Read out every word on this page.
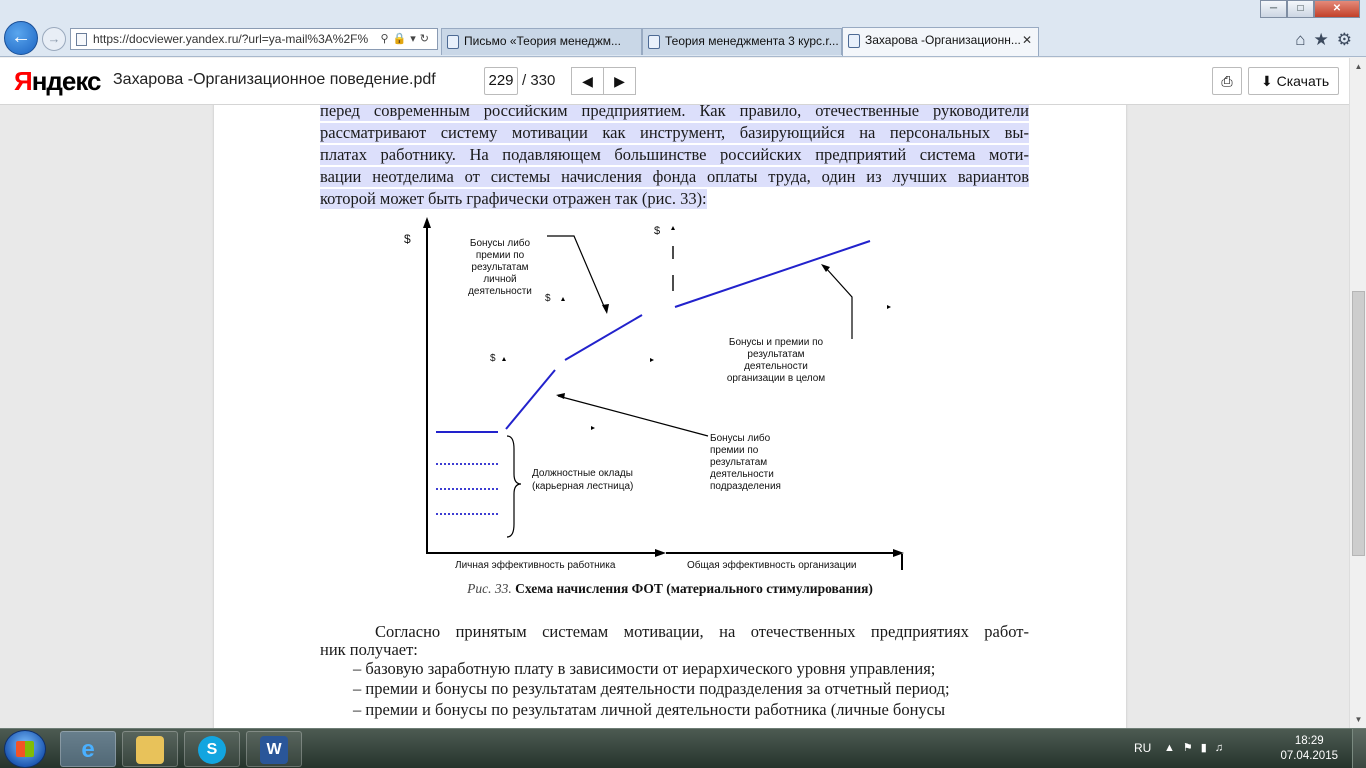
←	→	https://docviewer.yandex.ru/?url=ya-mail%3A%2F% ⚲🔒▾↻	Письмо «Теория менеджм...	Теория менеджмента 3 курс.r...	Захарова -Организационн... ✕
─	□	✕
⌂★⚙
Яндекс Захарова -Организационное поведение.pdf	229 / 330	◀	▶	⎙	⬇ Скачать
перед современным российским предприятием. Как правило, отечественные руководители
рассматривают систему мотивации как инструмент, базирующийся на персональных вы-
платах работнику. На подавляющем большинстве российских предприятий система моти-
вации неотделима от системы начисления фонда оплаты труда, один из лучших вариантов
которой может быть графически отражен так (рис. 33):
$
$
$
$
Бонусы либо
премии по
результатам
личной
деятельности
Бонусы и премии по
результатам
деятельности
организации в целом
Бонусы либо
премии по
результатам
деятельности
подразделения
Должностные оклады
(карьерная лестница)
Личная эффективность работника	Общая эффективность организации
Рис. 33. Схема начисления ФОТ (материального стимулирования)
Согласно принятым системам мотивации, на отечественных предприятиях работ-
ник получает:
– базовую заработную плату в зависимости от иерархического уровня управления;
– премии и бонусы по результатам деятельности подразделения за отчетный период;
– премии и бонусы по результатам личной деятельности работника (личные бонусы
▲
▼
e	S	W	RU ▲⚑▮♫
18:29
07.04.2015
